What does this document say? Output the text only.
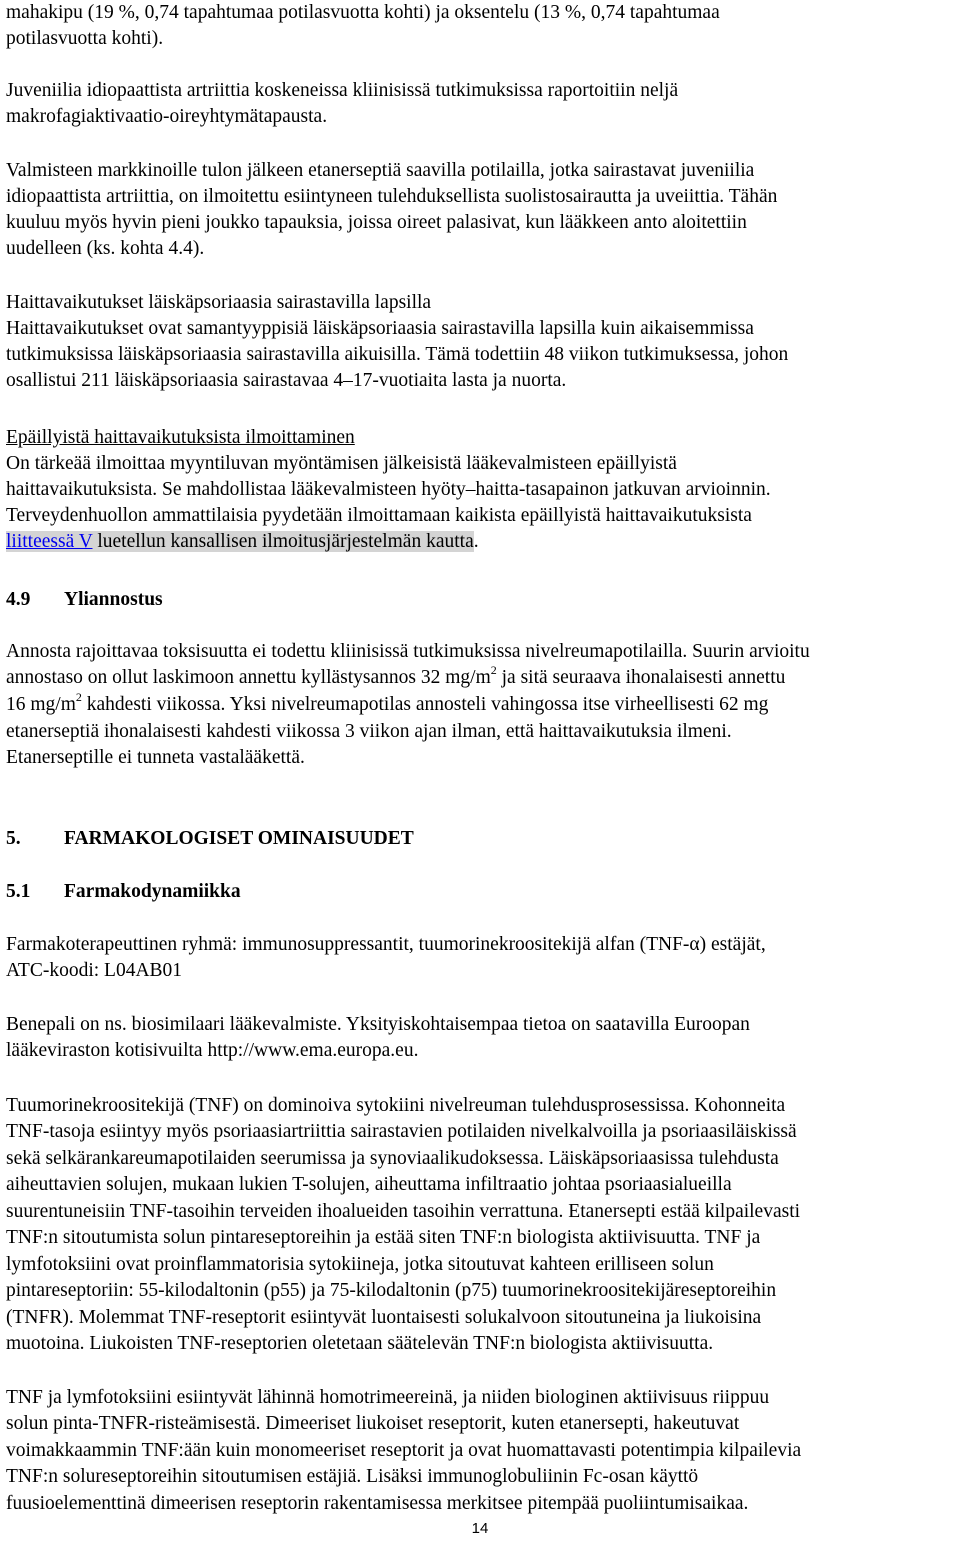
mahakipu (19 %, 0,74 tapahtumaa potilasvuotta kohti) ja oksentelu (13 %, 0,74 tapahtumaa
potilasvuotta kohti).
Juveniilia idiopaattista artriittia koskeneissa kliinisissä tutkimuksissa raportoitiin neljä
makrofagiaktivaatio-oireyhtymätapausta.
Valmisteen markkinoille tulon jälkeen etanerseptiä saavilla potilailla, jotka sairastavat juveniilia
idiopaattista artriittia, on ilmoitettu esiintyneen tulehduksellista suolistosairautta ja uveiittia. Tähän
kuuluu myös hyvin pieni joukko tapauksia, joissa oireet palasivat, kun lääkkeen anto aloitettiin
uudelleen (ks. kohta 4.4).
Haittavaikutukset läiskäpsoriaasia sairastavilla lapsilla
Haittavaikutukset ovat samantyyppisiä läiskäpsoriaasia sairastavilla lapsilla kuin aikaisemmissa
tutkimuksissa läiskäpsoriaasia sairastavilla aikuisilla. Tämä todettiin 48 viikon tutkimuksessa, johon
osallistui 211 läiskäpsoriaasia sairastavaa 4–17-vuotiaita lasta ja nuorta.
Epäillyistä haittavaikutuksista ilmoittaminen
On tärkeää ilmoittaa myyntiluvan myöntämisen jälkeisistä lääkevalmisteen epäillyistä
haittavaikutuksista. Se mahdollistaa lääkevalmisteen hyöty–haitta-tasapainon jatkuvan arvioinnin.
Terveydenhuollon ammattilaisia pyydetään ilmoittamaan kaikista epäillyistä haittavaikutuksista
liitteessä V luetellun kansallisen ilmoitusjärjestelmän kautta.
4.9 Yliannostus
Annosta rajoittavaa toksisuutta ei todettu kliinisissä tutkimuksissa nivelreumapotilailla. Suurin arvioitu
annostaso on ollut laskimoon annettu kyllästysannos 32 $mg/m^2$ ja sitä seuraava ihonalaisesti annettu
16 $mg/m^2$ kahdesti viikossa. Yksi nivelreumapotilas annosteli vahingossa itse virheellisesti 62 mg
etanerseptiä ihonalaisesti kahdesti viikossa 3 viikon ajan ilman, että haittavaikutuksia ilmeni.
Etanerseptille ei tunneta vastalääkettä.
5. FARMAKOLOGISET OMINAISUUDET
5.1 Farmakodynamiikka
Farmakoterapeuttinen ryhmä: immunosuppressantit, tuumorinekroositekijä alfan (TNF-α) estäjät,
ATC-koodi: L04AB01
Benepali on ns. biosimilaari lääkevalmiste. Yksityiskohtaisempaa tietoa on saatavilla Euroopan
lääkeviraston kotisivuilta http://www.ema.europa.eu.
Tuumorinekroositekijä (TNF) on dominoiva sytokiini nivelreuman tulehdusprosessissa. Kohonneita
TNF-tasoja esiintyy myös psoriaasiartriittia sairastavien potilaiden nivelkalvoilla ja psoriaasiläiskissä
sekä selkärankareumapotilaiden seerumissa ja synoviaalikudoksessa. Läiskäpsoriaasissa tulehdusta
aiheuttavien solujen, mukaan lukien T-solujen, aiheuttama infiltraatio johtaa psoriaasialueilla
suurentuneisiin TNF-tasoihin terveiden ihoalueiden tasoihin verrattuna. Etanersepti estää kilpailevasti
TNF:n sitoutumista solun pintareseptoreihin ja estää siten TNF:n biologista aktiivisuutta. TNF ja
lymfotoksiini ovat proinflammatorisia sytokiineja, jotka sitoutuvat kahteen erilliseen solun
pintareseptoriin: 55-kilodaltonin (p55) ja 75-kilodaltonin (p75) tuumorinekroositekijäreseptoreihin
(TNFR). Molemmat TNF-reseptorit esiintyvät luontaisesti solukalvoon sitoutuneina ja liukoisina
muotoina. Liukoisten TNF-reseptorien oletetaan säätelevän TNF:n biologista aktiivisuutta.
TNF ja lymfotoksiini esiintyvät lähinnä homotrimeereinä, ja niiden biologinen aktiivisuus riippuu
solun pinta-TNFR-risteämisestä. Dimeeriset liukoiset reseptorit, kuten etanersepti, hakeutuvat
voimakkaammin TNF:ään kuin monomeeriset reseptorit ja ovat huomattavasti potentimpia kilpailevia
TNF:n solureseptoreihin sitoutumisen estäjiä. Lisäksi immunoglobuliinin Fc-osan käyttö
fuusioelementtinä dimeerisen reseptorin rakentamisessa merkitsee pitempää puoliintumisaikaa.
14
